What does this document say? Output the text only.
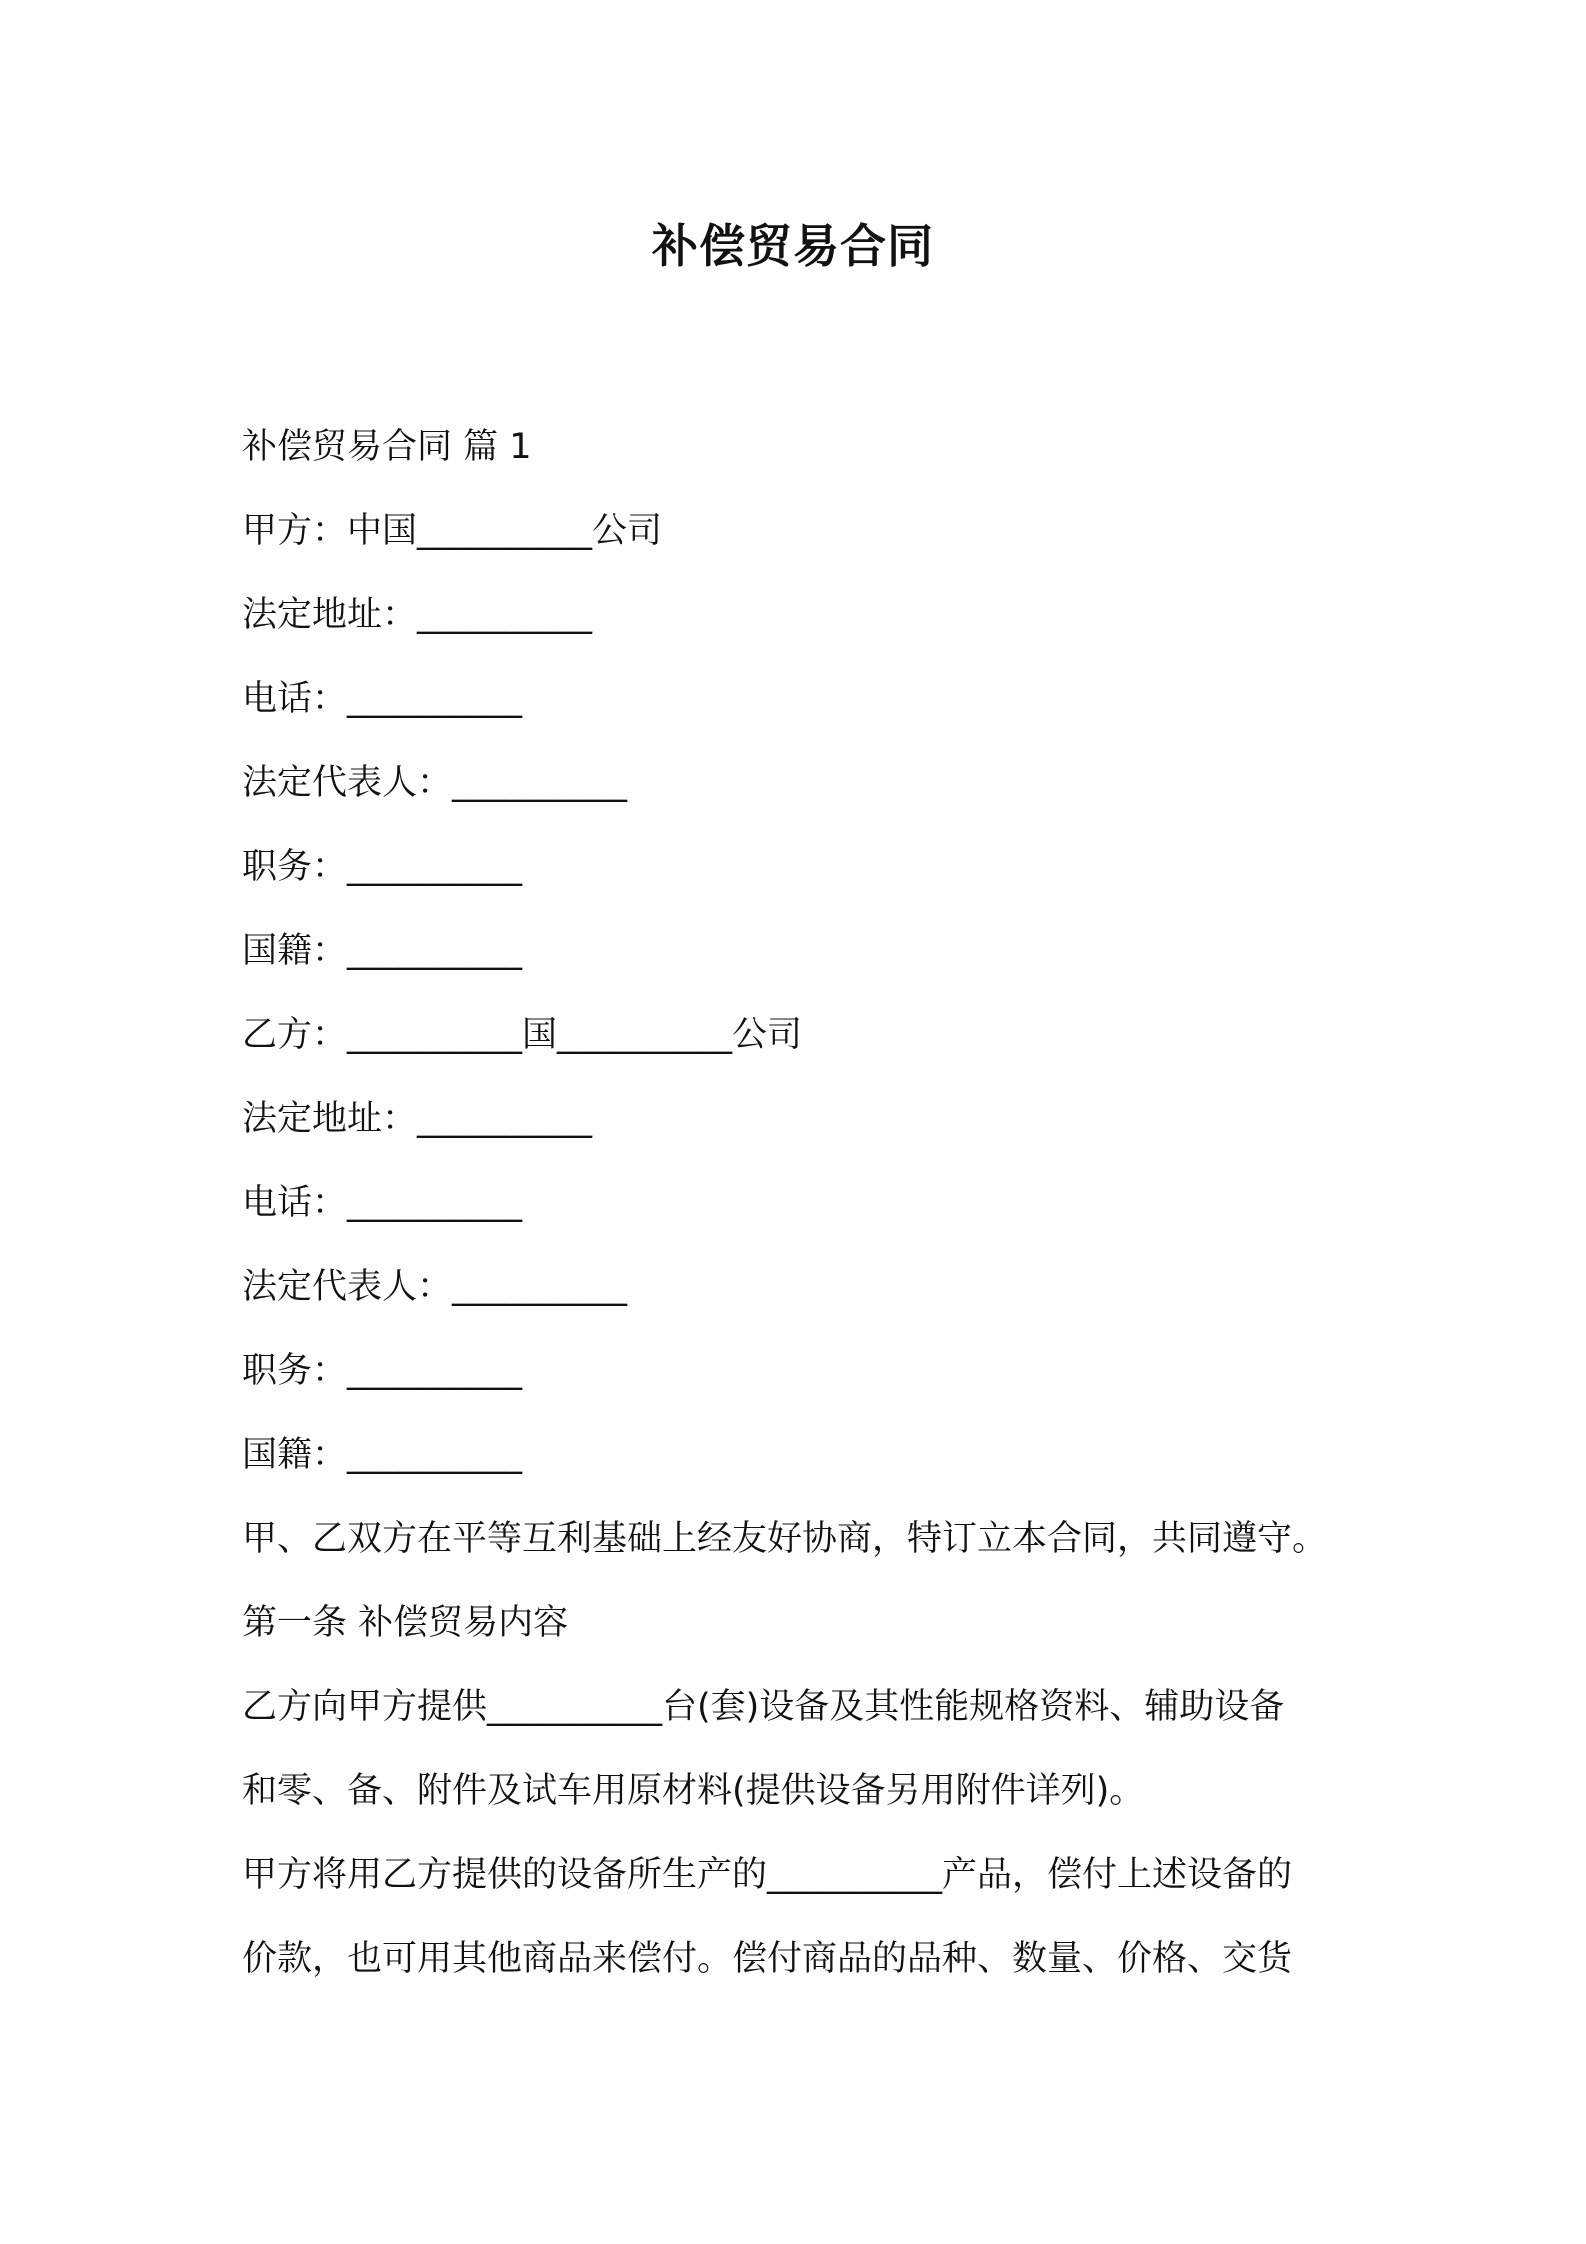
补偿贸易合同
补偿贸易合同 篇 1
甲方：中国__________公司
法定地址：__________
电话：__________
法定代表人：__________
职务：__________
国籍：__________
乙方：__________国__________公司
法定地址：__________
电话：__________
法定代表人：__________
职务：__________
国籍：__________
甲、乙双方在平等互利基础上经友好协商，特订立本合同，共同遵守。
第一条 补偿贸易内容
乙方向甲方提供__________台(套)设备及其性能规格资料、辅助设备
和零、备、附件及试车用原材料(提供设备另用附件详列)。
甲方将用乙方提供的设备所生产的__________产品，偿付上述设备的
价款，也可用其他商品来偿付。偿付商品的品种、数量、价格、交货
